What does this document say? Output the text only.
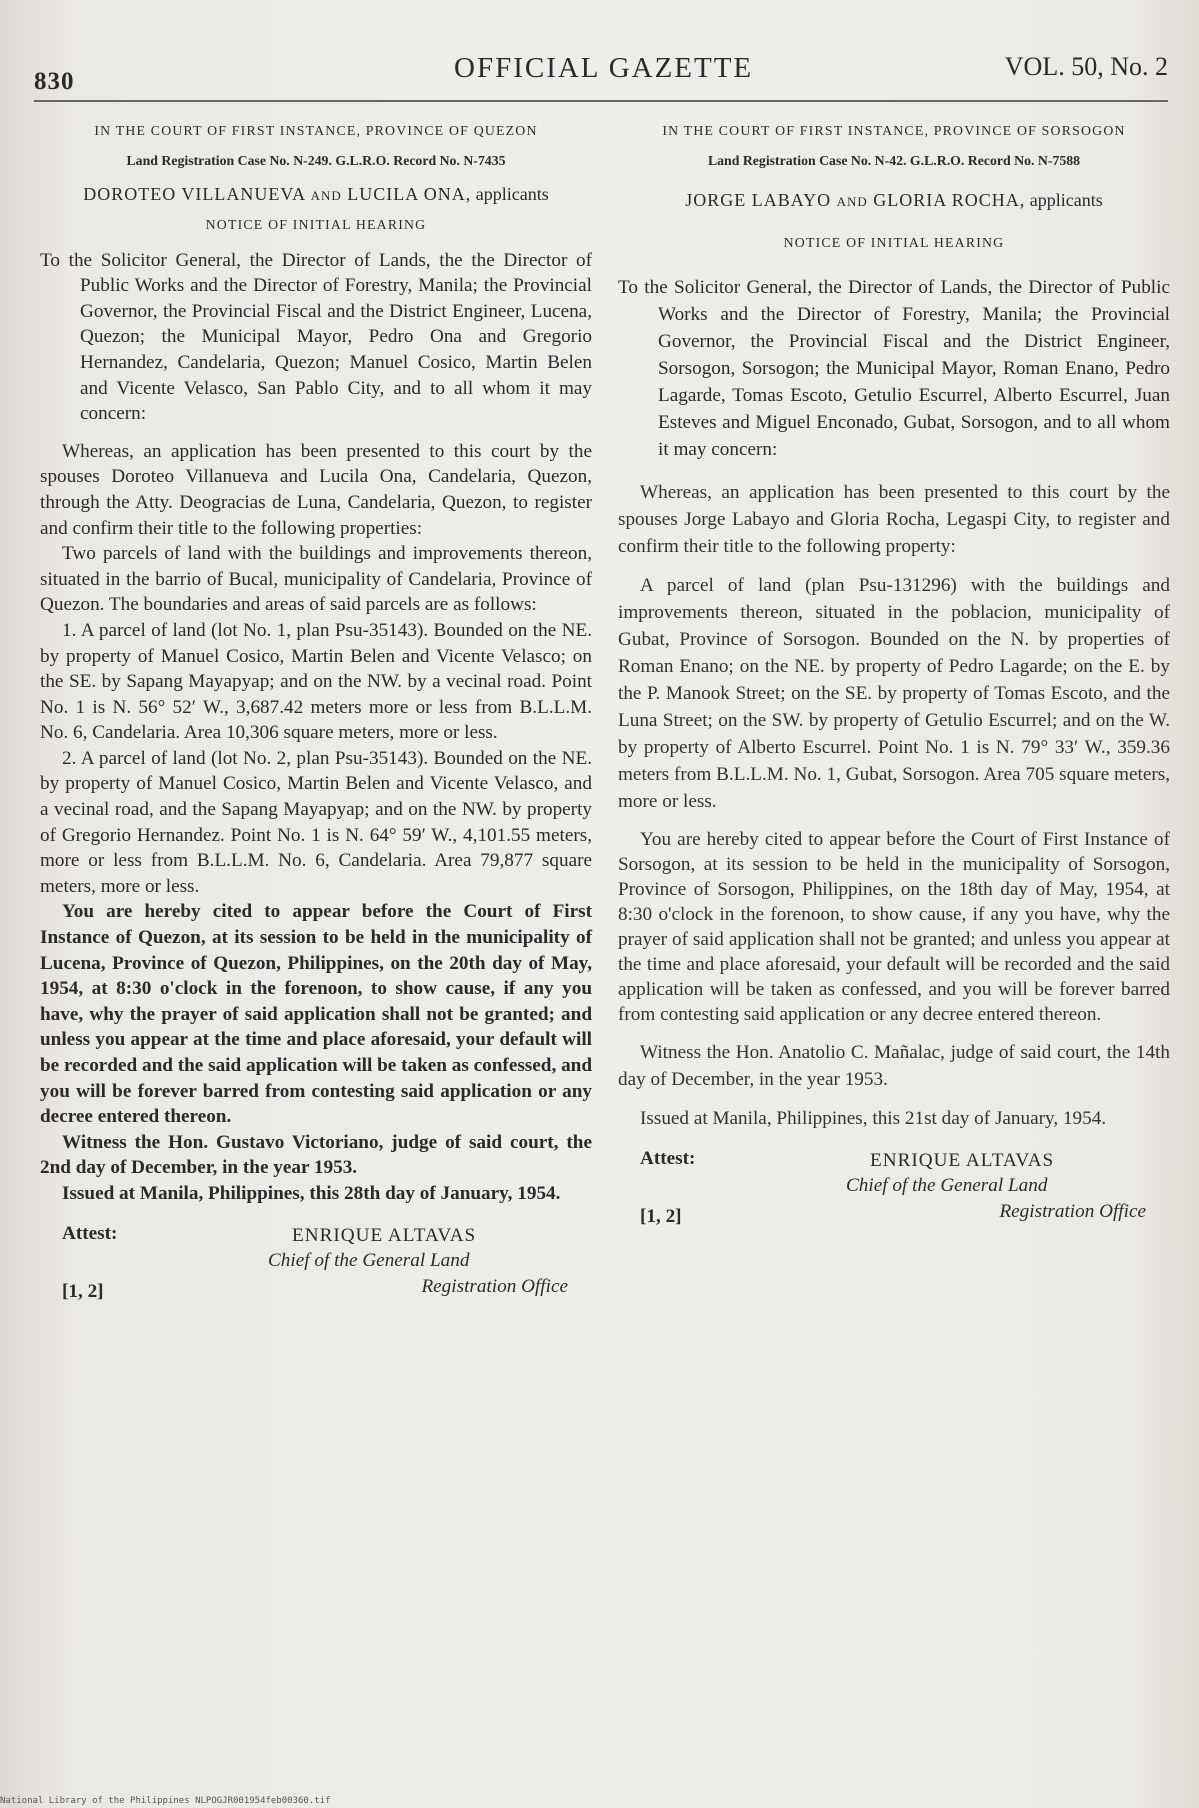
830	OFFICIAL GAZETTE	VOL. 50, No. 2
IN THE COURT OF FIRST INSTANCE, PROVINCE OF QUEZON
Land Registration Case No. N-249. G.L.R.O. Record No. N-7435
DOROTEO VILLANUEVA and LUCILA ONA, applicants
NOTICE OF INITIAL HEARING

To the Solicitor General, the Director of Lands, the the Director of Public Works and the Director of Forestry, Manila; the Provincial Governor, the Provincial Fiscal and the District Engineer, Lucena, Quezon; the Municipal Mayor, Pedro Ona and Gregorio Hernandez, Candelaria, Quezon; Manuel Cosico, Martin Belen and Vicente Velasco, San Pablo City, and to all whom it may concern:

Whereas, an application has been presented to this court by the spouses Doroteo Villanueva and Lucila Ona, Candelaria, Quezon, through the Atty. Deogracias de Luna, Candelaria, Quezon, to register and confirm their title to the following properties:

Two parcels of land with the buildings and improvements thereon, situated in the barrio of Bucal, municipality of Candelaria, Province of Quezon. The boundaries and areas of said parcels are as follows:

1. A parcel of land (lot No. 1, plan Psu-35143). Bounded on the NE. by property of Manuel Cosico, Martin Belen and Vicente Velasco; on the SE. by Sapang Mayapyap; and on the NW. by a vecinal road. Point No. 1 is N. 56° 52′ W., 3,687.42 meters more or less from B.L.L.M. No. 6, Candelaria. Area 10,306 square meters, more or less.

2. A parcel of land (lot No. 2, plan Psu-35143). Bounded on the NE. by property of Manuel Cosico, Martin Belen and Vicente Velasco, and a vecinal road, and the Sapang Mayapyap; and on the NW. by property of Gregorio Hernandez. Point No. 1 is N. 64° 59′ W., 4,101.55 meters, more or less from B.L.L.M. No. 6, Candelaria. Area 79,877 square meters, more or less.

You are hereby cited to appear before the Court of First Instance of Quezon, at its session to be held in the municipality of Lucena, Province of Quezon, Philippines, on the 20th day of May, 1954, at 8:30 o'clock in the forenoon, to show cause, if any you have, why the prayer of said application shall not be granted; and unless you appear at the time and place aforesaid, your default will be recorded and the said application will be taken as confessed, and you will be forever barred from contesting said application or any decree entered thereon.

Witness the Hon. Gustavo Victoriano, judge of said court, the 2nd day of December, in the year 1953.

Issued at Manila, Philippines, this 28th day of January, 1954.

Attest:	ENRIQUE ALTAVAS
Chief of the General Land
Registration Office
[1, 2]
IN THE COURT OF FIRST INSTANCE, PROVINCE OF SORSOGON
Land Registration Case No. N-42. G.L.R.O. Record No. N-7588
JORGE LABAYO and GLORIA ROCHA, applicants
NOTICE OF INITIAL HEARING

To the Solicitor General, the Director of Lands, the Director of Public Works and the Director of Forestry, Manila; the Provincial Governor, the Provincial Fiscal and the District Engineer, Sorsogon, Sorsogon; the Municipal Mayor, Roman Enano, Pedro Lagarde, Tomas Escoto, Getulio Escurrel, Alberto Escurrel, Juan Esteves and Miguel Enconado, Gubat, Sorsogon, and to all whom it may concern:

Whereas, an application has been presented to this court by the spouses Jorge Labayo and Gloria Rocha, Legaspi City, to register and confirm their title to the following property:

A parcel of land (plan Psu-131296) with the buildings and improvements thereon, situated in the poblacion, municipality of Gubat, Province of Sorsogon. Bounded on the N. by properties of Roman Enano; on the NE. by property of Pedro Lagarde; on the E. by the P. Manook Street; on the SE. by property of Tomas Escoto, and the Luna Street; on the SW. by property of Getulio Escurrel; and on the W. by property of Alberto Escurrel. Point No. 1 is N. 79° 33′ W., 359.36 meters from B.L.L.M. No. 1, Gubat, Sorsogon. Area 705 square meters, more or less.

You are hereby cited to appear before the Court of First Instance of Sorsogon, at its session to be held in the municipality of Sorsogon, Province of Sorsogon, Philippines, on the 18th day of May, 1954, at 8:30 o'clock in the forenoon, to show cause, if any you have, why the prayer of said application shall not be granted; and unless you appear at the time and place aforesaid, your default will be recorded and the said application will be taken as confessed, and you will be forever barred from contesting said application or any decree entered thereon.

Witness the Hon. Anatolio C. Mañalac, judge of said court, the 14th day of December, in the year 1953.

Issued at Manila, Philippines, this 21st day of January, 1954.

Attest:	ENRIQUE ALTAVAS
Chief of the General Land
Registration Office
[1, 2]
National Library of the Philippines NLPOGJR001954feb00360.tif
